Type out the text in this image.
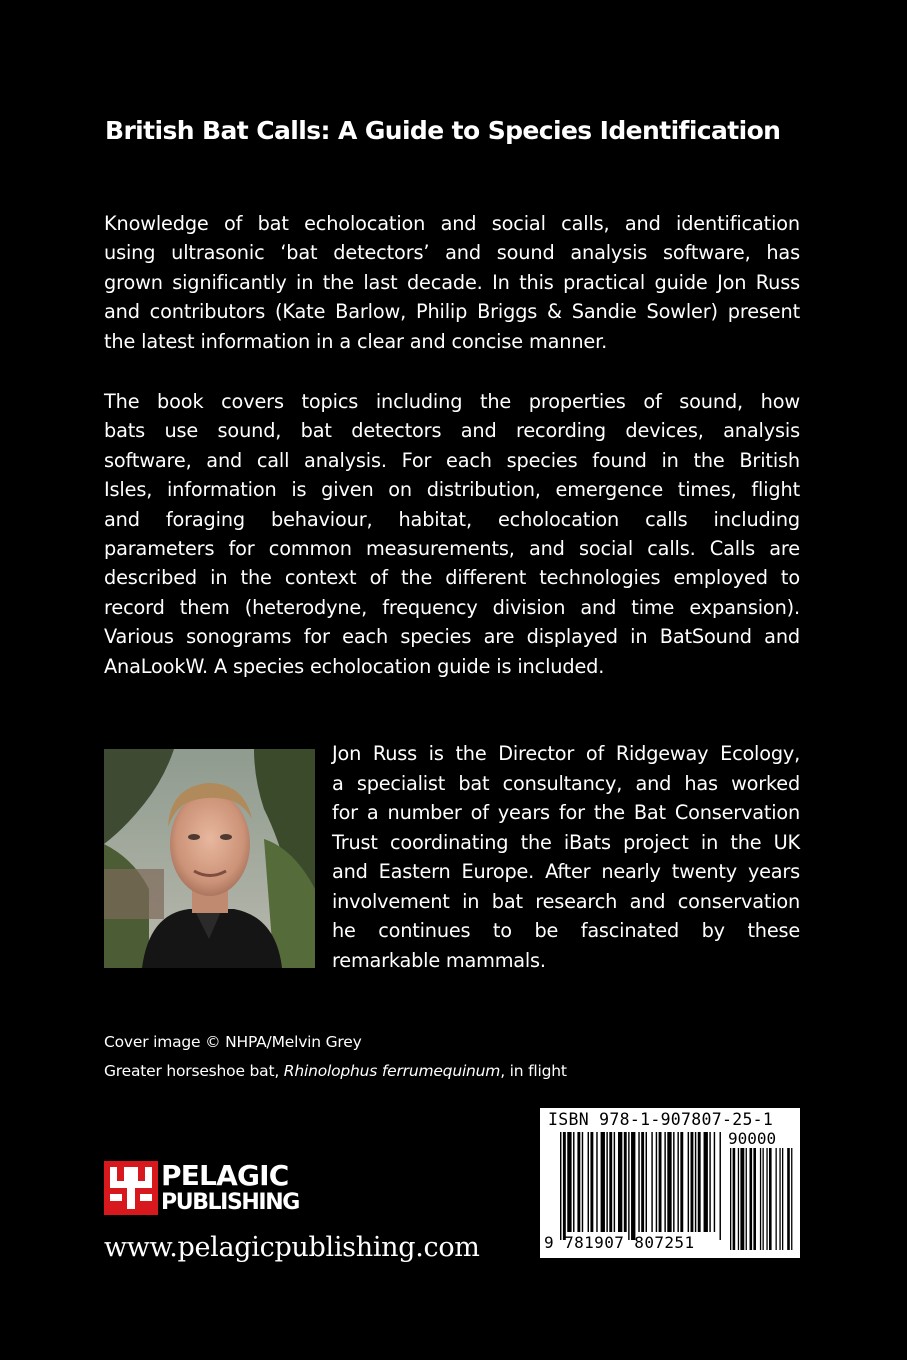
British Bat Calls: A Guide to Species Identification
Knowledge of bat echolocation and social calls, and identification
using ultrasonic ‘bat detectors’ and sound analysis software, has
grown significantly in the last decade. In this practical guide Jon Russ
and contributors (Kate Barlow, Philip Briggs & Sandie Sowler) present
the latest information in a clear and concise manner.
The book covers topics including the properties of sound, how
bats use sound, bat detectors and recording devices, analysis
software, and call analysis. For each species found in the British
Isles, information is given on distribution, emergence times, flight
and foraging behaviour, habitat, echolocation calls including
parameters for common measurements, and social calls. Calls are
described in the context of the different technologies employed to
record them (heterodyne, frequency division and time expansion).
Various sonograms for each species are displayed in BatSound and
AnaLookW. A species echolocation guide is included.
Jon Russ is the Director of Ridgeway Ecology,
a specialist bat consultancy, and has worked
for a number of years for the Bat Conservation
Trust coordinating the iBats project in the UK
and Eastern Europe. After nearly twenty years
involvement in bat research and conservation
he continues to be fascinated by these
remarkable mammals.

Cover image © NHPA/Melvin Grey

Greater horseshoe bat, Rhinolophus ferrumequinum, in flight

PELAGIC

PUBLISHING

www.pelagicpublishing.com

ISBN 978-1-907807-25-1

90000

9 781907 807251
